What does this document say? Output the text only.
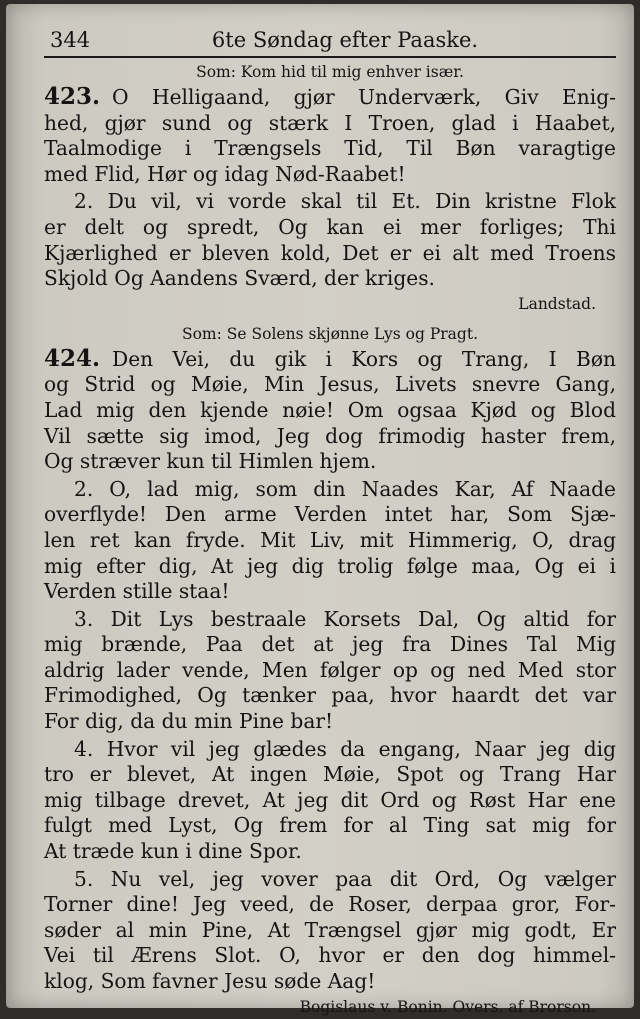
344	6te Søndag efter Paaske.
Som: Kom hid til mig enhver især.
423. O Helligaand, gjør Underværk, Giv Enig-
hed, gjør sund og stærk I Troen, glad i Haabet,
Taalmodige i Trængsels Tid, Til Bøn varagtige
med Flid, Hør og idag Nød-Raabet!
2. Du vil, vi vorde skal til Et. Din kristne Flok
er delt og spredt, Og kan ei mer forliges; Thi
Kjærlighed er bleven kold, Det er ei alt med Troens
Skjold Og Aandens Sværd, der kriges.
Landstad.
Som: Se Solens skjønne Lys og Pragt.
424. Den Vei, du gik i Kors og Trang, I Bøn
og Strid og Møie, Min Jesus, Livets snevre Gang,
Lad mig den kjende nøie! Om ogsaa Kjød og Blod
Vil sætte sig imod, Jeg dog frimodig haster frem,
Og stræver kun til Himlen hjem.
2. O, lad mig, som din Naades Kar, Af Naade
overflyde! Den arme Verden intet har, Som Sjæ-
len ret kan fryde. Mit Liv, mit Himmerig, O, drag
mig efter dig, At jeg dig trolig følge maa, Og ei i
Verden stille staa!
3. Dit Lys bestraale Korsets Dal, Og altid for
mig brænde, Paa det at jeg fra Dines Tal Mig
aldrig lader vende, Men følger op og ned Med stor
Frimodighed, Og tænker paa, hvor haardt det var
For dig, da du min Pine bar!
4. Hvor vil jeg glædes da engang, Naar jeg dig
tro er blevet, At ingen Møie, Spot og Trang Har
mig tilbage drevet, At jeg dit Ord og Røst Har ene
fulgt med Lyst, Og frem for al Ting sat mig for
At træde kun i dine Spor.
5. Nu vel, jeg vover paa dit Ord, Og vælger
Torner dine! Jeg veed, de Roser, derpaa gror, For-
søder al min Pine, At Trængsel gjør mig godt, Er
Vei til Ærens Slot. O, hvor er den dog himmel-
klog, Som favner Jesu søde Aag!
Bogislaus v. Bonin. Overs. af Brorson.
